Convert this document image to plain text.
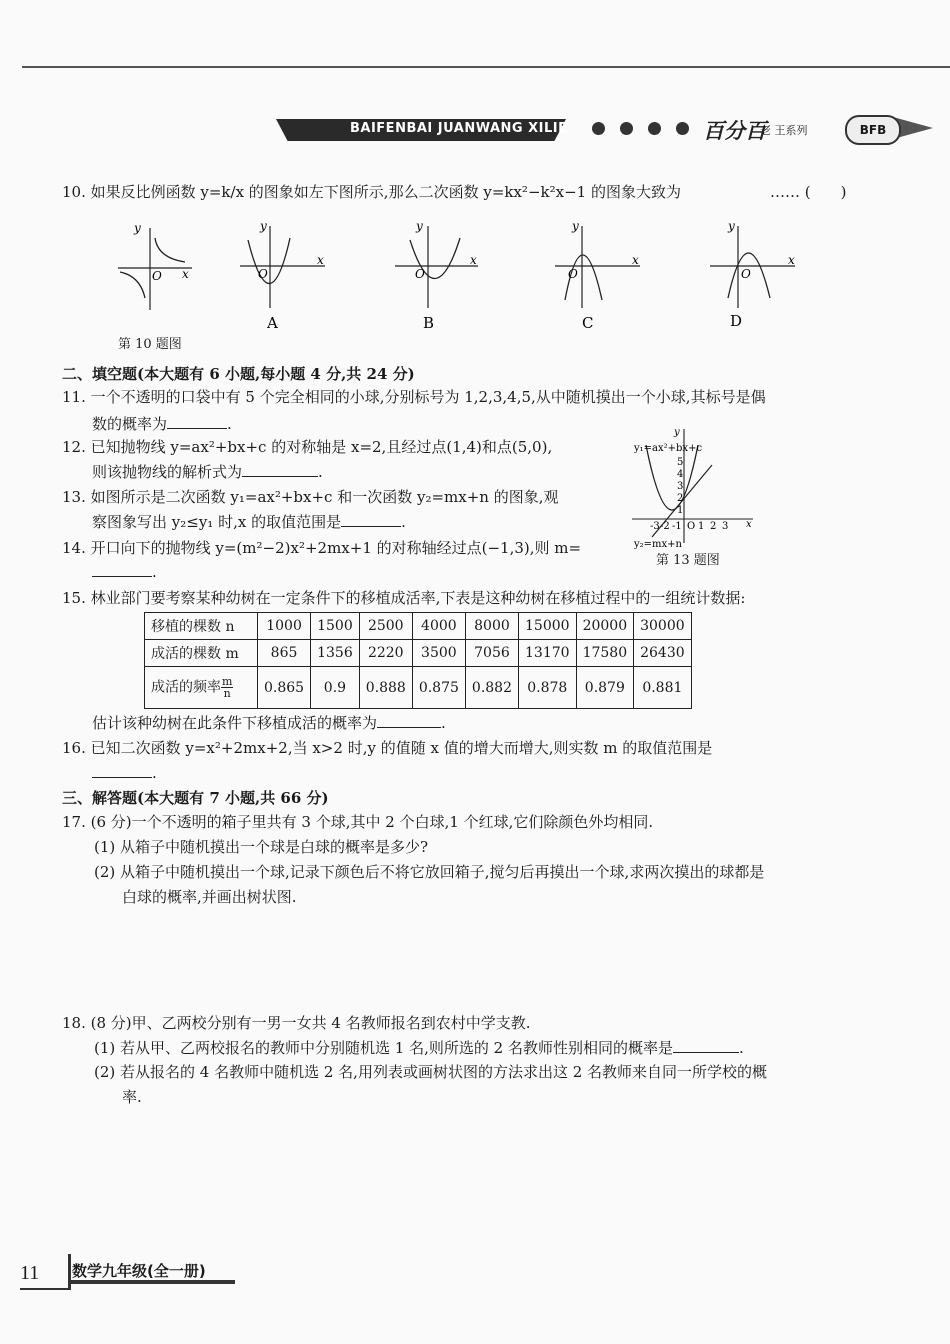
BAIFENBAI JUANWANG XILIE	百分百
老 王系列	BFB
10. 如果反比例函数 y=k/x 的图象如左下图所示,那么二次函数 y=kx²−k²x−1 的图象大致为	…… (　　)
y
x
O
y
x
O
A
y
x
O
B
y
x
O
C
y
x
O
D
第 10 题图
二、填空题(本大题有 6 小题,每小题 4 分,共 24 分)
11. 一个不透明的口袋中有 5 个完全相同的小球,分别标号为 1,2,3,4,5,从中随机摸出一个小球,其标号是偶
数的概率为	.
12. 已知抛物线 y=ax²+bx+c 的对称轴是 x=2,且经过点(1,4)和点(5,0),
则该抛物线的解析式为	.
13. 如图所示是二次函数 y₁=ax²+bx+c 和一次函数 y₂=mx+n 的图象,观
察图象写出 y₂≤y₁ 时,x 的取值范围是	.
y
x
y₁=ax²+bx+c
y₂=mx+n
-3 -2 -1 O 1 2 3
1
2
3
4
5
第 13 题图
14. 开口向下的抛物线 y=(m²−2)x²+2mx+1 的对称轴经过点(−1,3),则 m=
.
15. 林业部门要考察某种幼树在一定条件下的移植成活率,下表是这种幼树在移植过程中的一组统计数据:
移植的棵数 n	1000	1500	2500	4000	8000	15000	20000	30000
成活的棵数 m	865	1356	2220	3500	7056	13170	17580	26430
成活的频率 $\frac{m}{n}$	0.865	0.9	0.888	0.875	0.882	0.878	0.879	0.881
估计该种幼树在此条件下移植成活的概率为	.
16. 已知二次函数 y=x²+2mx+2,当 x>2 时,y 的值随 x 值的增大而增大,则实数 m 的取值范围是
.
三、解答题(本大题有 7 小题,共 66 分)
17. (6 分)一个不透明的箱子里共有 3 个球,其中 2 个白球,1 个红球,它们除颜色外均相同.
(1) 从箱子中随机摸出一个球是白球的概率是多少?
(2) 从箱子中随机摸出一个球,记录下颜色后不将它放回箱子,搅匀后再摸出一个球,求两次摸出的球都是
白球的概率,并画出树状图.
18. (8 分)甲、乙两校分别有一男一女共 4 名教师报名到农村中学支教.
(1) 若从甲、乙两校报名的教师中分别随机选 1 名,则所选的 2 名教师性别相同的概率是	.
(2) 若从报名的 4 名教师中随机选 2 名,用列表或画树状图的方法求出这 2 名教师来自同一所学校的概
率.
11 数学九年级(全一册)
